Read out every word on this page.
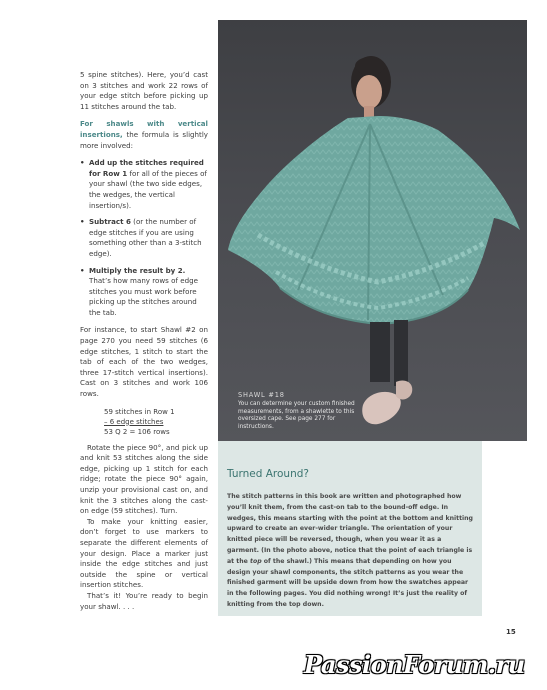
5 spine stitches). Here, you’d cast on 3 stitches and work 22 rows of your edge stitch before picking up 11 stitches around the tab.

For shawls with vertical insertions, the formula is slightly more involved:

• Add up the stitches required for Row 1 for all of the pieces of your shawl (the two side edges, the wedges, the vertical insertion/s).
• Subtract 6 (or the number of edge stitches if you are using something other than a 3-stitch edge).
• Multiply the result by 2. That’s how many rows of edge stitches you must work before picking up the stitches around the tab.

For instance, to start Shawl #2 on page 270 you need 59 stitches (6 edge stitches, 1 stitch to start the tab of each of the two wedges, three 17-stitch vertical insertions). Cast on 3 stitches and work 106 rows.

59 stitches in Row 1
– 6 edge stitches
53 Q 2 = 106 rows

Rotate the piece 90°, and pick up and knit 53 stitches along the side edge, picking up 1 stitch for each ridge; rotate the piece 90° again, unzip your provisional cast on, and knit the 3 stitches along the cast-on edge (59 stitches). Turn.

To make your knitting easier, don’t forget to use markers to separate the different elements of your design. Place a marker just inside the edge stitches and just outside the spine or vertical insertion stitches.

That’s it! You’re ready to begin your shawl. . . .

SHAWL #18
You can determine your custom finished measurements, from a shawlette to this oversized cape. See page 277 for instructions.
Turned Around?
The stitch patterns in this book are written and photographed how you’ll knit them, from the cast-on tab to the bound-off edge. In wedges, this means starting with the point at the bottom and knitting upward to create an ever-wider triangle. The orientation of your knitted piece will be reversed, though, when you wear it as a garment. (In the photo above, notice that the point of each triangle is at the top of the shawl.) This means that depending on how you design your shawl components, the stitch patterns as you wear the finished garment will be upside down from how the swatches appear in the following pages. You did nothing wrong! It’s just the reality of knitting from the top down.
15
PassionForum.ru
